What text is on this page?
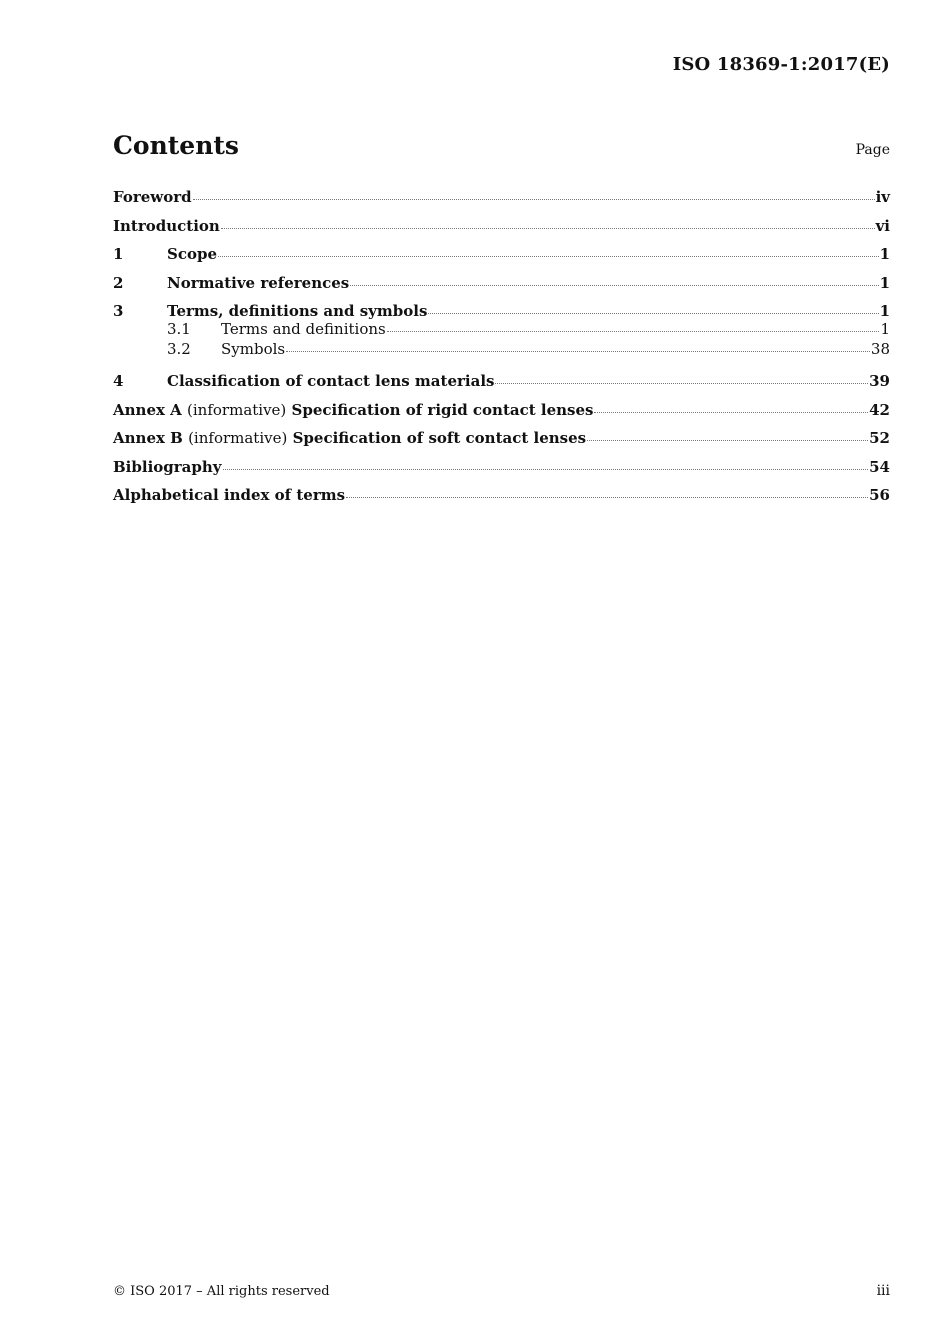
ISO 18369-1:2017(E)
Contents	Page
Foreword	iv
Introduction	vi
1	Scope	1
2	Normative references	1
3	Terms, definitions and symbols	1
3.1	Terms and definitions	1
3.2	Symbols	38
4	Classification of contact lens materials	39
Annex A (informative) Specification of rigid contact lenses	42
Annex B (informative) Specification of soft contact lenses	52
Bibliography	54
Alphabetical index of terms	56
© ISO 2017 – All rights reserved	iii
